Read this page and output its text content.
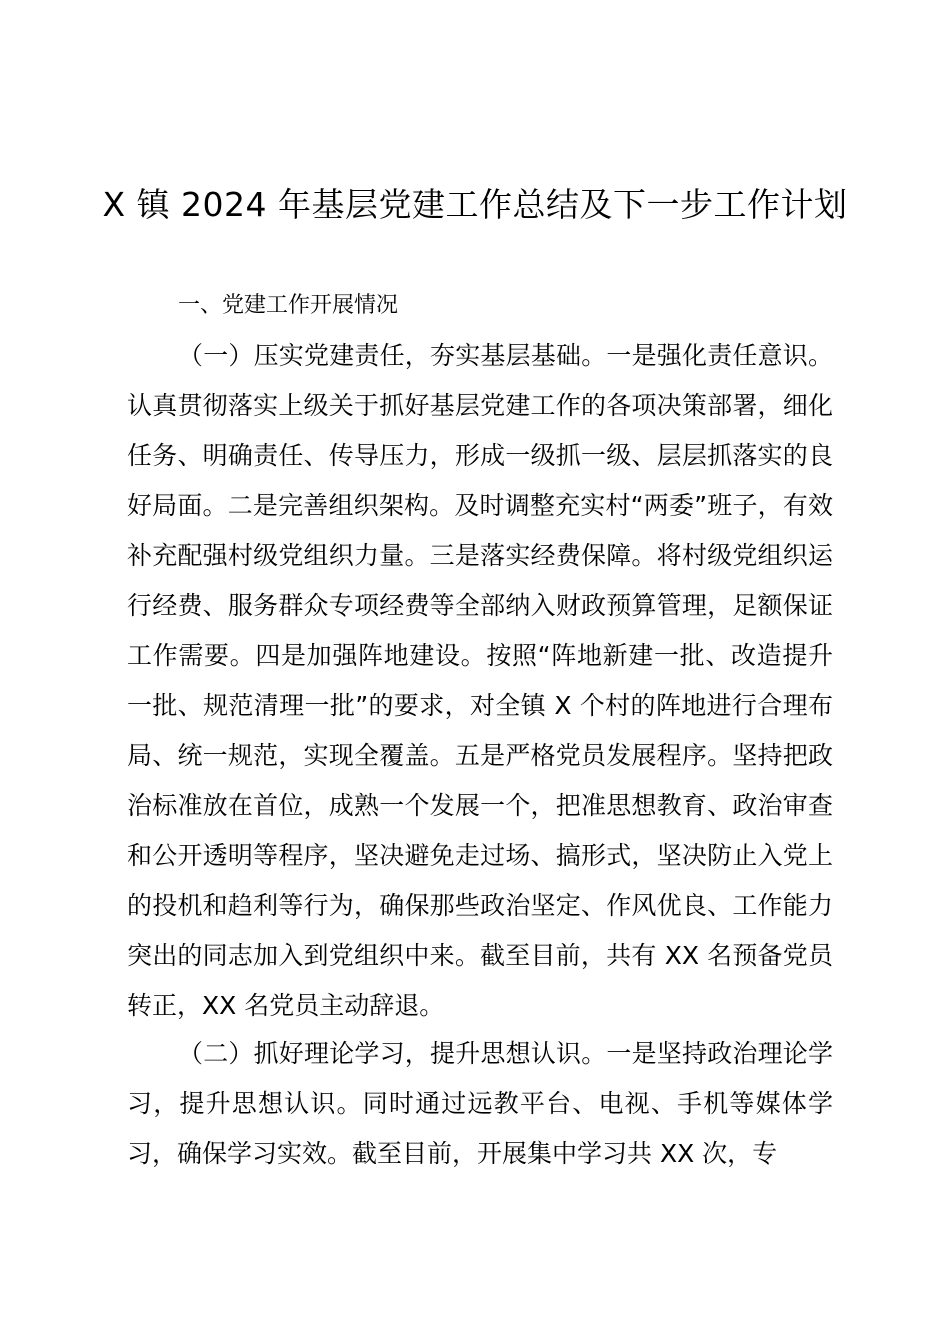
X 镇 2024 年基层党建工作总结及下一步工作计划
一、党建工作开展情况

（一）压实党建责任，夯实基层基础。一是强化责任意识。认真贯彻落实上级关于抓好基层党建工作的各项决策部署，细化任务、明确责任、传导压力，形成一级抓一级、层层抓落实的良好局面。二是完善组织架构。及时调整充实村“两委”班子，有效补充配强村级党组织力量。三是落实经费保障。将村级党组织运行经费、服务群众专项经费等全部纳入财政预算管理，足额保证工作需要。四是加强阵地建设。按照“阵地新建一批、改造提升一批、规范清理一批”的要求，对全镇 X 个村的阵地进行合理布局、统一规范，实现全覆盖。五是严格党员发展程序。坚持把政治标准放在首位，成熟一个发展一个，把准思想教育、政治审查和公开透明等程序，坚决避免走过场、搞形式，坚决防止入党上的投机和趋利等行为，确保那些政治坚定、作风优良、工作能力突出的同志加入到党组织中来。截至目前，共有 XX 名预备党员转正，XX 名党员主动辞退。

（二）抓好理论学习，提升思想认识。一是坚持政治理论学习，提升思想认识。同时通过远教平台、电视、手机等媒体学习，确保学习实效。截至目前，开展集中学习共 XX 次，专
